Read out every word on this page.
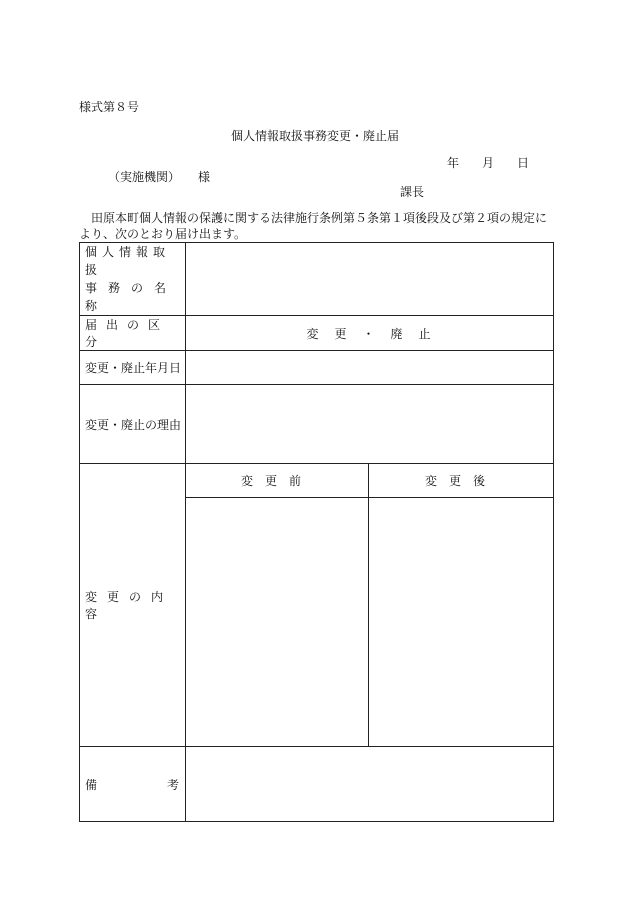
様式第８号
個人情報取扱事務変更・廃止届
年 月 日
（実施機関）　　様
課長
田原本町個人情報の保護に関する法律施行条例第５条第１項後段及び第２項の規定により、次のとおり届け出ます。
個人情報取扱
事務の名称		

届出の区分	変　更　・　廃　止	
変更・廃止年月日		
変更・廃止の理由		
変更の内容	変更前	変更後

備 考		
